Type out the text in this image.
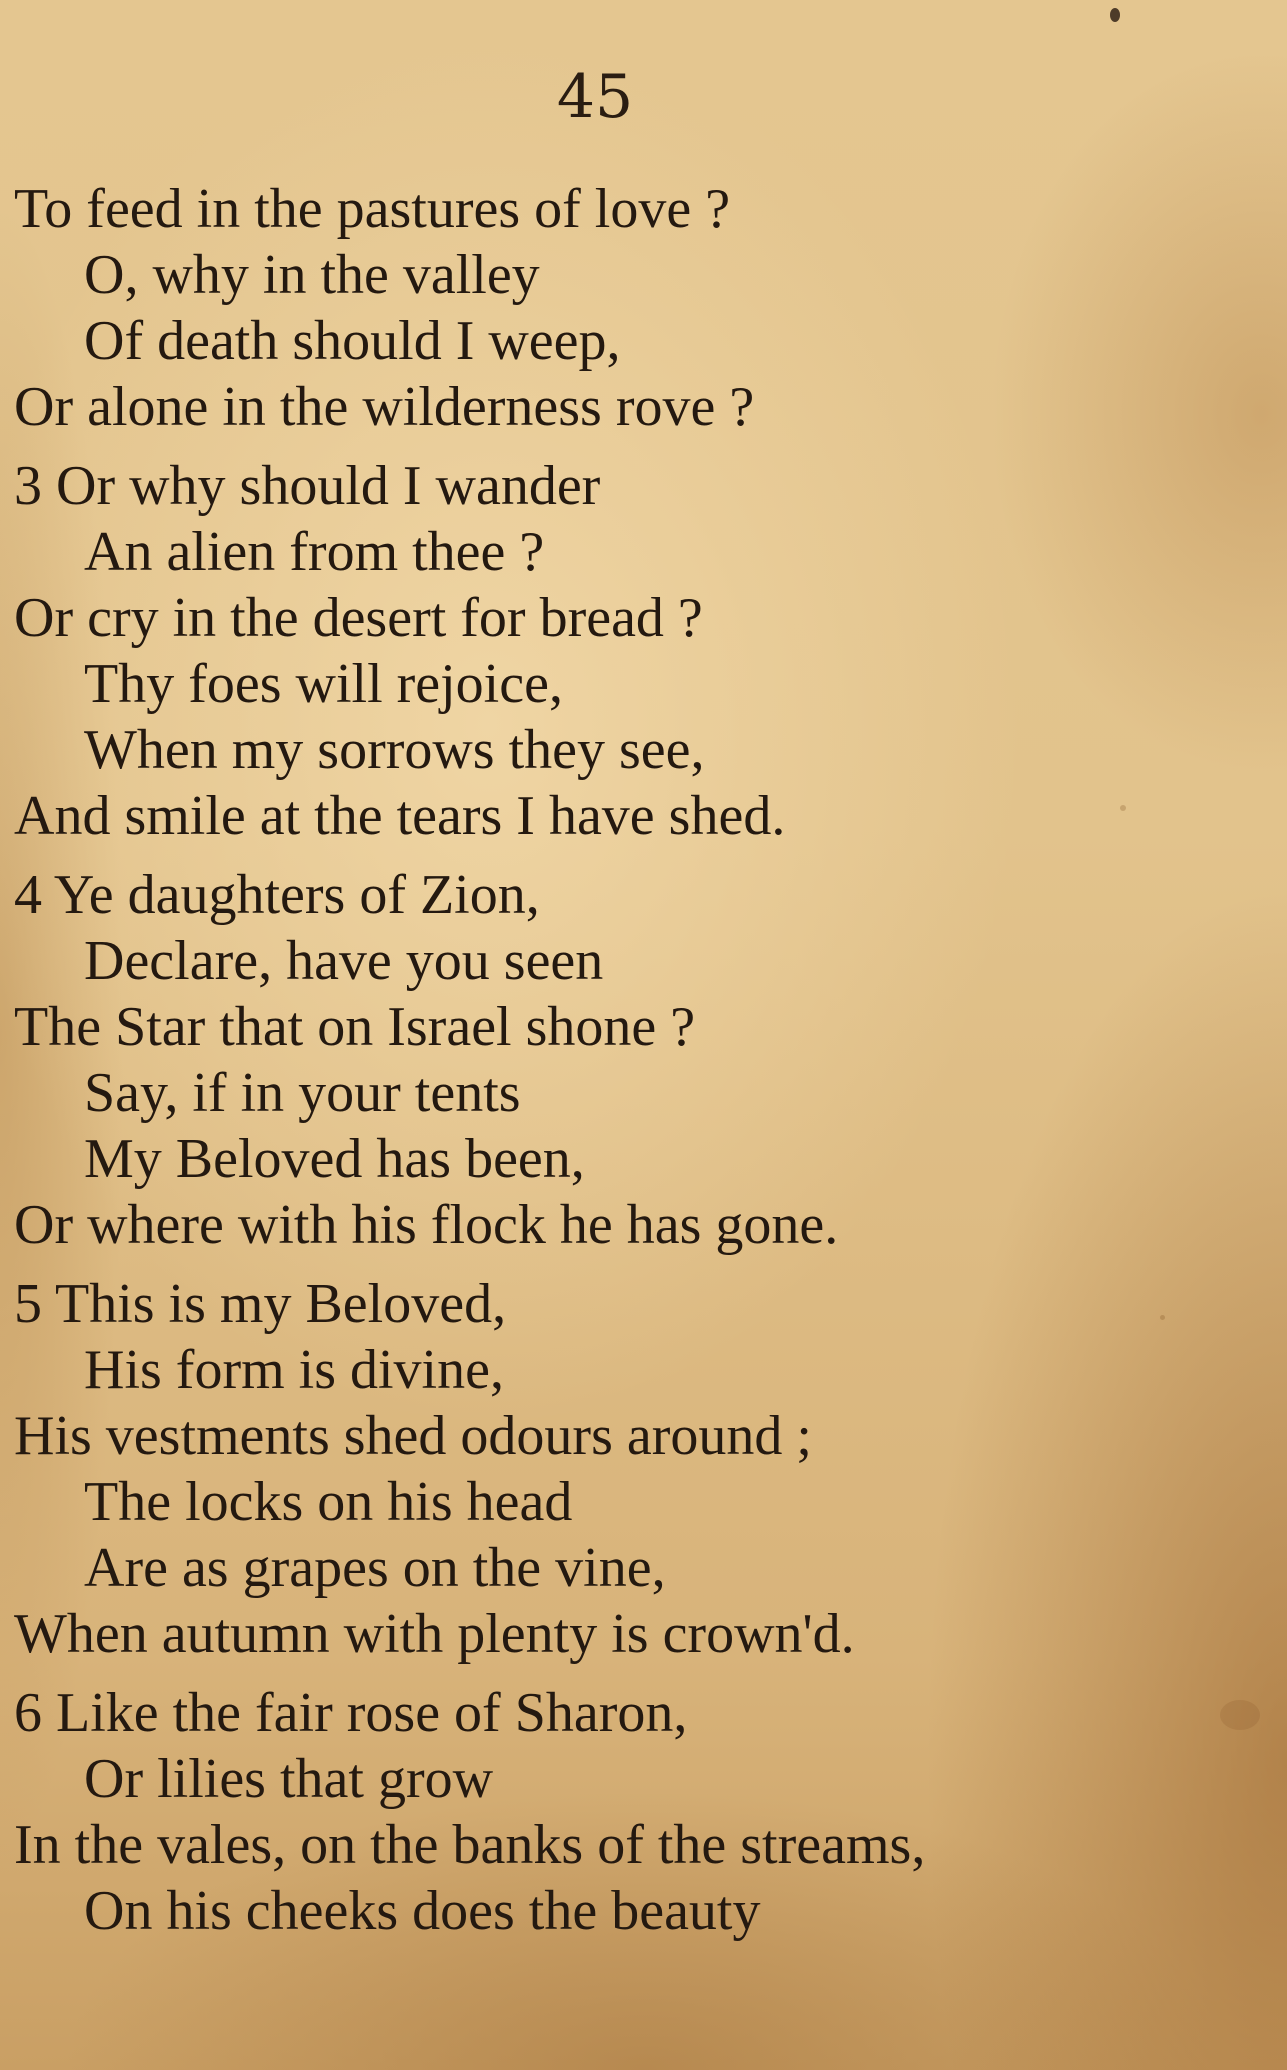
45
To feed in the pastures of love ?
O, why in the valley
Of death should I weep,
Or alone in the wilderness rove ?
3 Or why should I wander
An alien from thee ?
Or cry in the desert for bread ?
Thy foes will rejoice,
When my sorrows they see,
And smile at the tears I have shed.
4 Ye daughters of Zion,
Declare, have you seen
The Star that on Israel shone ?
Say, if in your tents
My Beloved has been,
Or where with his flock he has gone.
5 This is my Beloved,
His form is divine,
His vestments shed odours around ;
The locks on his head
Are as grapes on the vine,
When autumn with plenty is crown'd.
6 Like the fair rose of Sharon,
Or lilies that grow
In the vales, on the banks of the streams,
On his cheeks does the beauty
